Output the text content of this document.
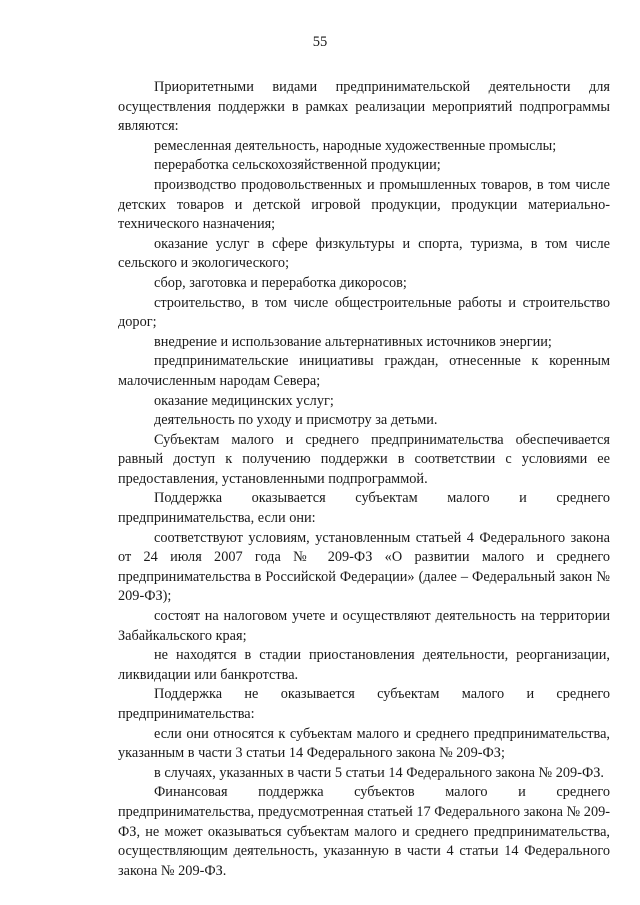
55

Приоритетными видами предпринимательской деятельности для осуществления поддержки в рамках реализации мероприятий подпрограммы являются:

ремесленная деятельность, народные художественные промыслы;

переработка сельскохозяйственной продукции;

производство продовольственных и промышленных товаров, в том числе детских товаров и детской игровой продукции, продукции материально-технического назначения;

оказание услуг в сфере физкультуры и спорта, туризма, в том числе сельского и экологического;

сбор, заготовка и переработка дикоросов;

строительство, в том числе общестроительные работы и строительство дорог;

внедрение и использование альтернативных источников энергии;

предпринимательские инициативы граждан, отнесенные к коренным малочисленным народам Севера;

оказание медицинских услуг;

деятельность по уходу и присмотру за детьми.

Субъектам малого и среднего предпринимательства обеспечивается равный доступ к получению поддержки в соответствии с условиями ее предоставления, установленными подпрограммой.

Поддержка оказывается субъектам малого и среднего предпринимательства, если они:

соответствуют условиям, установленным статьей 4 Федерального закона от 24 июля 2007 года № 209-ФЗ «О развитии малого и среднего предпринимательства в Российской Федерации» (далее – Федеральный закон № 209-ФЗ);

состоят на налоговом учете и осуществляют деятельность на территории Забайкальского края;

не находятся в стадии приостановления деятельности, реорганизации, ликвидации или банкротства.

Поддержка не оказывается субъектам малого и среднего предпринимательства:

если они относятся к субъектам малого и среднего предпринимательства, указанным в части 3 статьи 14 Федерального закона № 209-ФЗ;

в случаях, указанных в части 5 статьи 14 Федерального закона № 209-ФЗ.

Финансовая поддержка субъектов малого и среднего предпринимательства, предусмотренная статьей 17 Федерального закона № 209-ФЗ, не может оказываться субъектам малого и среднего предпринимательства, осуществляющим деятельность, указанную в части 4 статьи 14 Федерального закона № 209-ФЗ.
